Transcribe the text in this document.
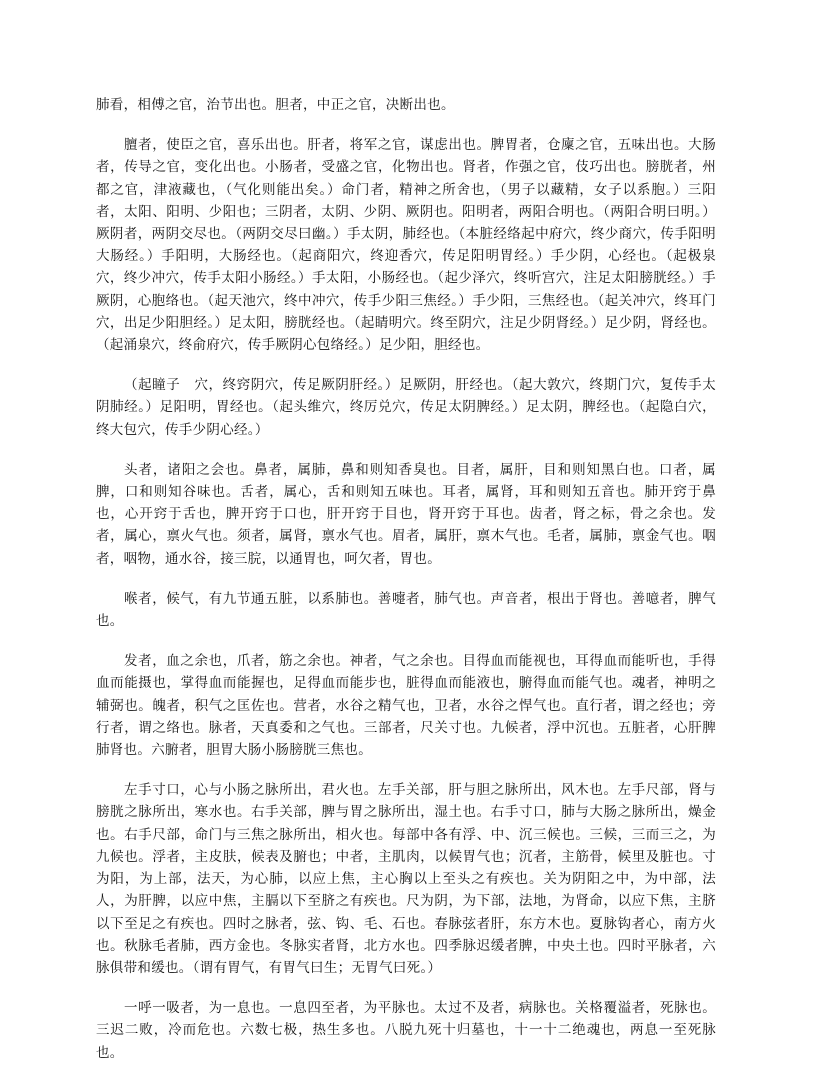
肺看，相傅之官，治节出也。胆者，中正之官，决断出也。

膻者，使臣之官，喜乐出也。肝者，将军之官，谋虑出也。脾胃者，仓廩之官，五味出也。大肠者，传导之官，变化出也。小肠者，受盛之官，化物出也。肾者，作强之官，伎巧出也。膀胱者，州都之官，津液藏也，（气化则能出矣。）命门者，精神之所舍也，（男子以藏精，女子以系胞。）三阳者，太阳、阳明、少阳也；三阴者，太阴、少阴、厥阴也。阳明者，两阳合明也。（两阳合明曰明。）厥阴者，两阴交尽也。（两阴交尽曰幽。）手太阴，肺经也。（本脏经络起中府穴，终少商穴，传手阳明大肠经。）手阳明，大肠经也。（起商阳穴，终迎香穴，传足阳明胃经。）手少阴，心经也。（起极泉穴，终少冲穴，传手太阳小肠经。）手太阳，小肠经也。（起少泽穴，终听宫穴，注足太阳膀胱经。）手厥阴，心胞络也。（起天池穴，终中冲穴，传手少阳三焦经。）手少阳，三焦经也。（起关冲穴，终耳门穴，出足少阳胆经。）足太阳，膀胱经也。（起睛明穴。终至阴穴，注足少阴肾经。）足少阴，肾经也。（起涌泉穴，终俞府穴，传手厥阴心包络经。）足少阳，胆经也。

（起瞳子　穴，终窍阴穴，传足厥阴肝经。）足厥阴，肝经也。（起大敦穴，终期门穴，复传手太阴肺经。）足阳明，胃经也。（起头维穴，终厉兑穴，传足太阴脾经。）足太阴，脾经也。（起隐白穴，终大包穴，传手少阴心经。）

头者，诸阳之会也。鼻者，属肺，鼻和则知香臭也。目者，属肝，目和则知黑白也。口者，属脾，口和则知谷味也。舌者，属心，舌和则知五味也。耳者，属肾，耳和则知五音也。肺开窍于鼻也，心开窍于舌也，脾开窍于口也，肝开窍于目也，肾开窍于耳也。齿者，肾之标，骨之余也。发者，属心，禀火气也。须者，属肾，禀水气也。眉者，属肝，禀木气也。毛者，属肺，禀金气也。咽者，咽物，通水谷，接三脘，以通胃也，呵欠者，胃也。

喉者，候气，有九节通五脏，以系肺也。善嚏者，肺气也。声音者，根出于肾也。善噫者，脾气也。

发者，血之余也，爪者，筋之余也。神者，气之余也。目得血而能视也，耳得血而能听也，手得血而能摄也，掌得血而能握也，足得血而能步也，脏得血而能液也，腑得血而能气也。魂者，神明之辅弼也。魄者，积气之匡佐也。营者，水谷之精气也，卫者，水谷之悍气也。直行者，谓之经也；旁行者，谓之络也。脉者，天真委和之气也。三部者，尺关寸也。九候者，浮中沉也。五脏者，心肝脾肺肾也。六腑者，胆胃大肠小肠膀胱三焦也。

左手寸口，心与小肠之脉所出，君火也。左手关部，肝与胆之脉所出，风木也。左手尺部，肾与膀胱之脉所出，寒水也。右手关部，脾与胃之脉所出，湿土也。右手寸口，肺与大肠之脉所出，燥金也。右手尺部，命门与三焦之脉所出，相火也。每部中各有浮、中、沉三候也。三候，三而三之，为九候也。浮者，主皮肤，候表及腑也；中者，主肌肉，以候胃气也；沉者，主筋骨，候里及脏也。寸为阳，为上部，法天，为心肺，以应上焦，主心胸以上至头之有疾也。关为阴阳之中，为中部，法人，为肝脾，以应中焦，主膈以下至脐之有疾也。尺为阴，为下部，法地，为肾命，以应下焦，主脐以下至足之有疾也。四时之脉者，弦、钩、毛、石也。春脉弦者肝，东方木也。夏脉钩者心，南方火也。秋脉毛者肺，西方金也。冬脉实者肾，北方水也。四季脉迟缓者脾，中央土也。四时平脉者，六脉俱带和缓也。（谓有胃气，有胃气曰生；无胃气曰死。）

一呼一吸者，为一息也。一息四至者，为平脉也。太过不及者，病脉也。关格覆溢者，死脉也。三迟二败，冷而危也。六数七极，热生多也。八脱九死十归墓也，十一十二绝魂也，两息一至死脉也。
